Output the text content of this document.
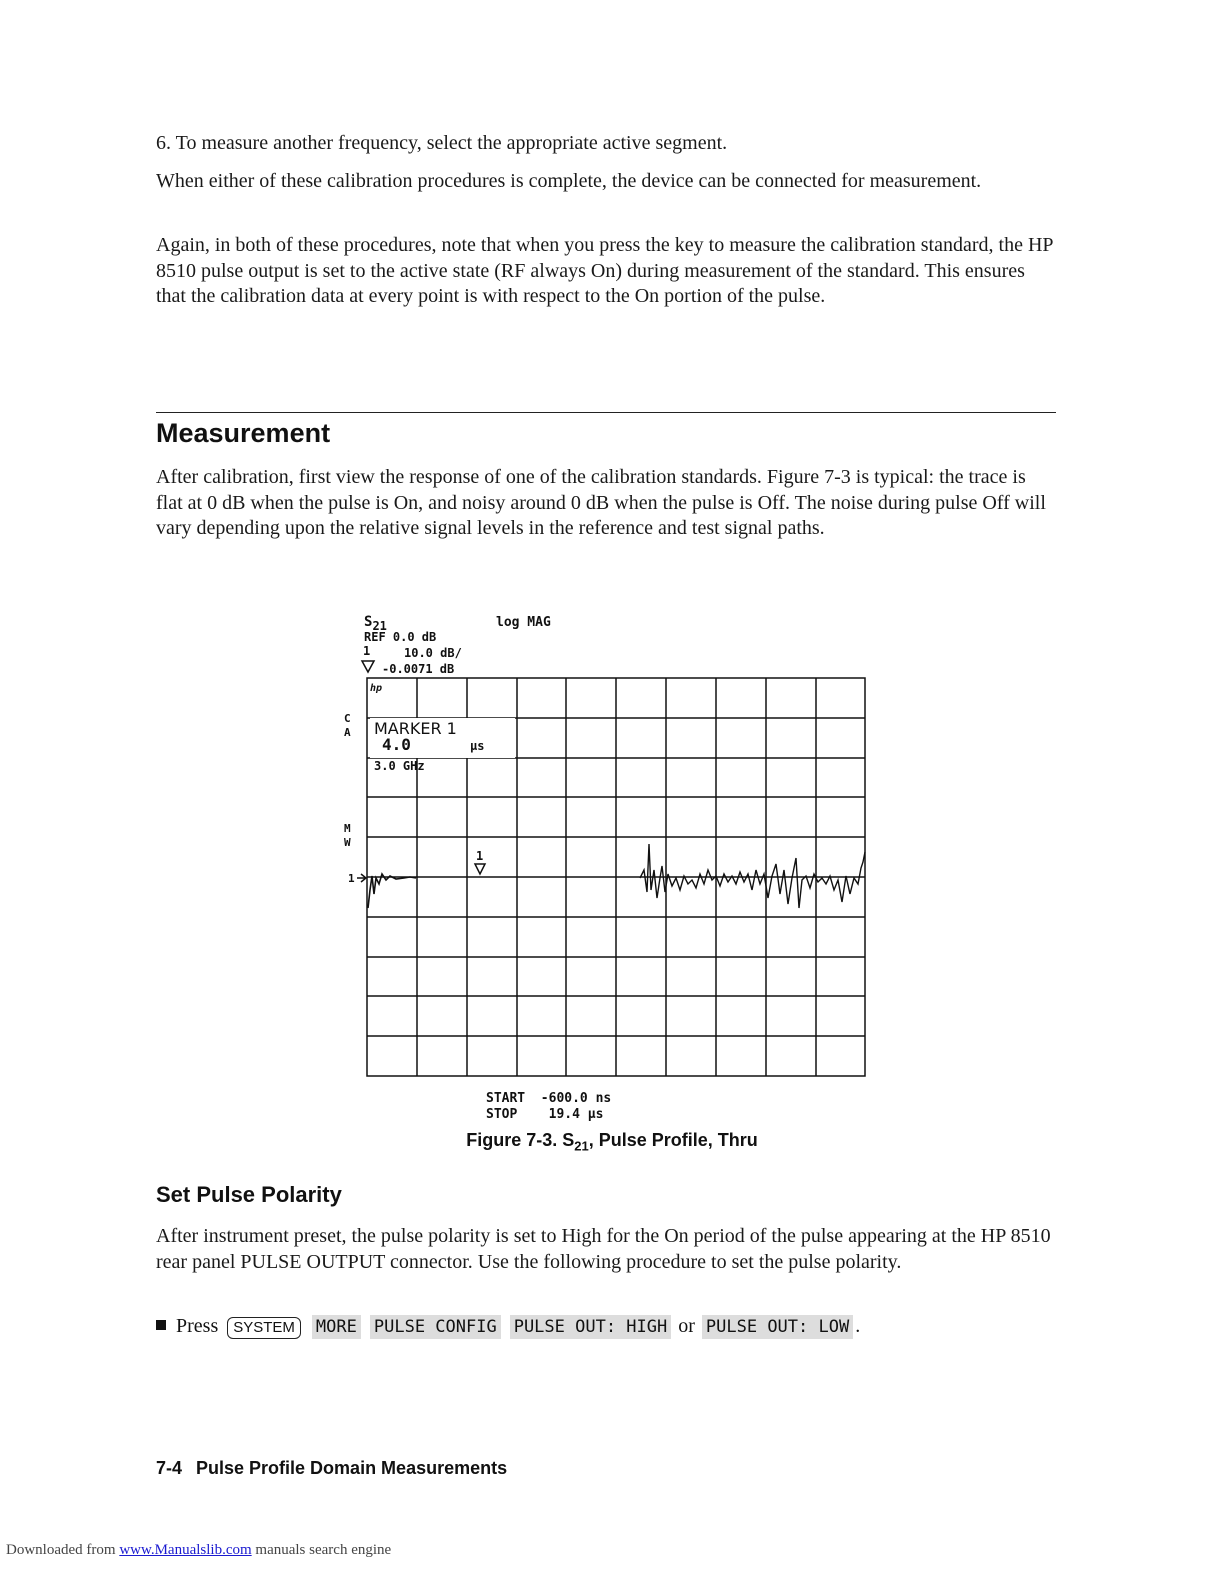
6. To measure another frequency, select the appropriate active segment.

When either of these calibration procedures is complete, the device can be connected for measurement.

Again, in both of these procedures, note that when you press the key to measure the calibration standard, the HP 8510 pulse output is set to the active state (RF always On) during measurement of the standard. This ensures that the calibration data at every point is with respect to the On portion of the pulse.

Measurement

After calibration, first view the response of one of the calibration standards. Figure 7-3 is typical: the trace is flat at 0 dB when the pulse is On, and noisy around 0 dB when the pulse is Off. The noise during pulse Off will vary depending upon the relative signal levels in the reference and test signal paths.

S21	log MAG
REF 0.0 dB
1	10.0 dB/
-0.0071 dB
C
A
M
W
1
hp
MARKER 1
4.0	µs
3.0 GHz
1
START  -600.0 ns
STOP    19.4 µs
Figure 7-3. $S_{21}$, Pulse Profile, Thru
Set Pulse Polarity

After instrument preset, the pulse polarity is set to High for the On period of the pulse appearing at the HP 8510 rear panel PULSE OUTPUT connector. Use the following procedure to set the pulse polarity.

Press SYSTEM MORE PULSE CONFIG PULSE OUT: HIGH or PULSE OUT: LOW .
7-4 Pulse Profile Domain Measurements
Downloaded from www.Manualslib.com manuals search engine
